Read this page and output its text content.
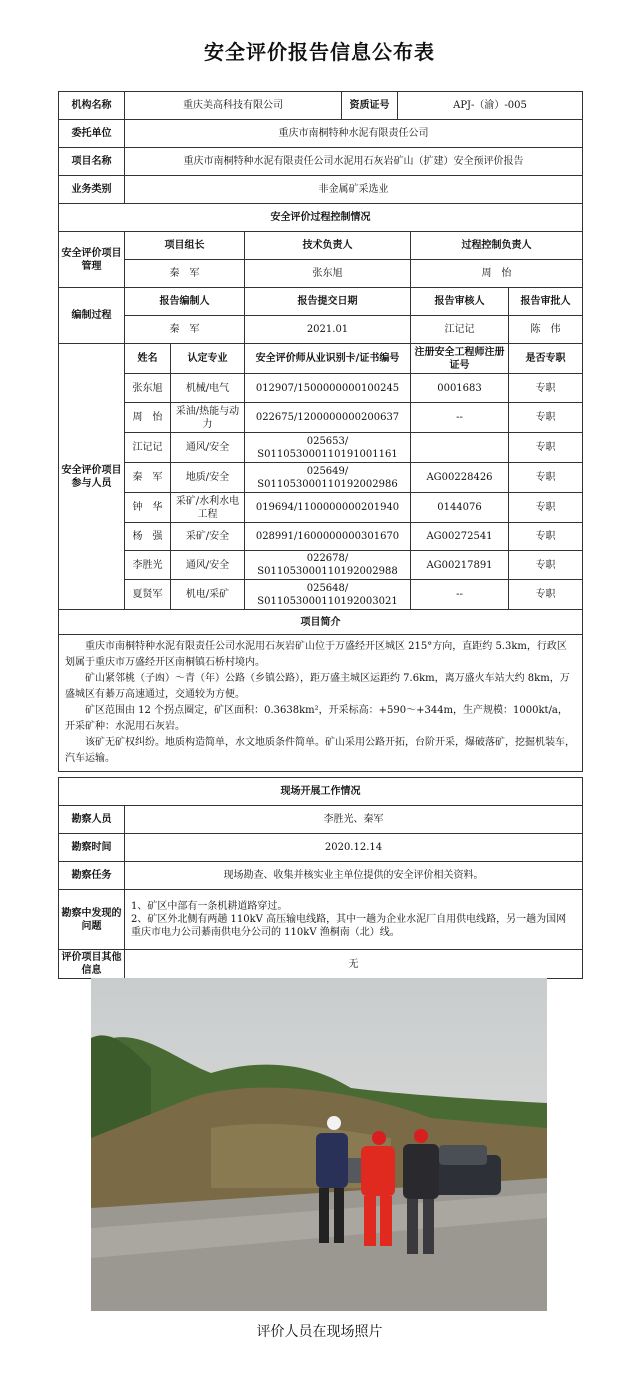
安全评价报告信息公布表
机构名称	重庆美高科技有限公司	资质证号	APJ-（渝）-005
委托单位	重庆市南桐特种水泥有限责任公司		
项目名称	重庆市南桐特种水泥有限责任公司水泥用石灰岩矿山（扩建）安全预评价报告		
业务类别	非金属矿采选业		
安全评价过程控制情况					
安全评价项目管理	项目组长		技术负责人	过程控制负责人	
	秦　军		张东旭	周　怡	
编制过程	报告编制人		报告提交日期	报告审核人	报告审批人
	秦　军		2021.01	江记记	陈　伟
安全评价项目参与人员	姓名	认定专业	安全评价师从业识别卡/证书编号	注册安全工程师注册证号	是否专职
	张东旭	机械/电气	012907/1500000000100245	0001683	专职
	周　怡	采油/热能与动力	022675/1200000000200637	--	专职
	江记记	通风/安全	025653/ S011053000110191001161		专职
	秦　军	地质/安全	025649/ S011053000110192002986	AG00228426	专职
	钟　华	采矿/水利水电工程	019694/1100000000201940	0144076	专职
	杨　强	采矿/安全	028991/1600000000301670	AG00272541	专职
	李胜光	通风/安全	022678/ S011053000110192002988	AG00217891	专职
	夏贤军	机电/采矿	025648/ S011053000110192003021	--	专职
项目简介					

重庆市南桐特种水泥有限责任公司水泥用石灰岩矿山位于万盛经开区城区 215°方向，直距约 5.3km，行政区划属于重庆市万盛经开区南桐镇石桥村境内。

矿山紧邻桃（子凼）～青（年）公路（乡镇公路），距万盛主城区运距约 7.6km，离万盛火车站大约 8km，万盛城区有綦万高速通过，交通较为方便。

矿区范围由 12 个拐点圈定，矿区面积：0.3638km²，开采标高：+590～+344m，生产规模：1000kt/a，开采矿种：水泥用石灰岩。

该矿无矿权纠纷。地质构造简单，水文地质条件简单。矿山采用公路开拓，台阶开采，爆破落矿，挖掘机装车，汽车运输。					

现场开展工作情况	
勘察人员	李胜光、秦军
勘察时间	2020.12.14
勘察任务	现场勘查、收集并核实业主单位提供的安全评价相关资料。
勘察中发现的问题	1、矿区中部有一条机耕道路穿过。
2、矿区外北侧有两趟 110kV 高压输电线路，其中一趟为企业水泥厂自用供电线路，另一趟为国网重庆市电力公司綦南供电分公司的 110kV 渔桐南（北）线。

评价项目其他信息	无
评价人员在现场照片
